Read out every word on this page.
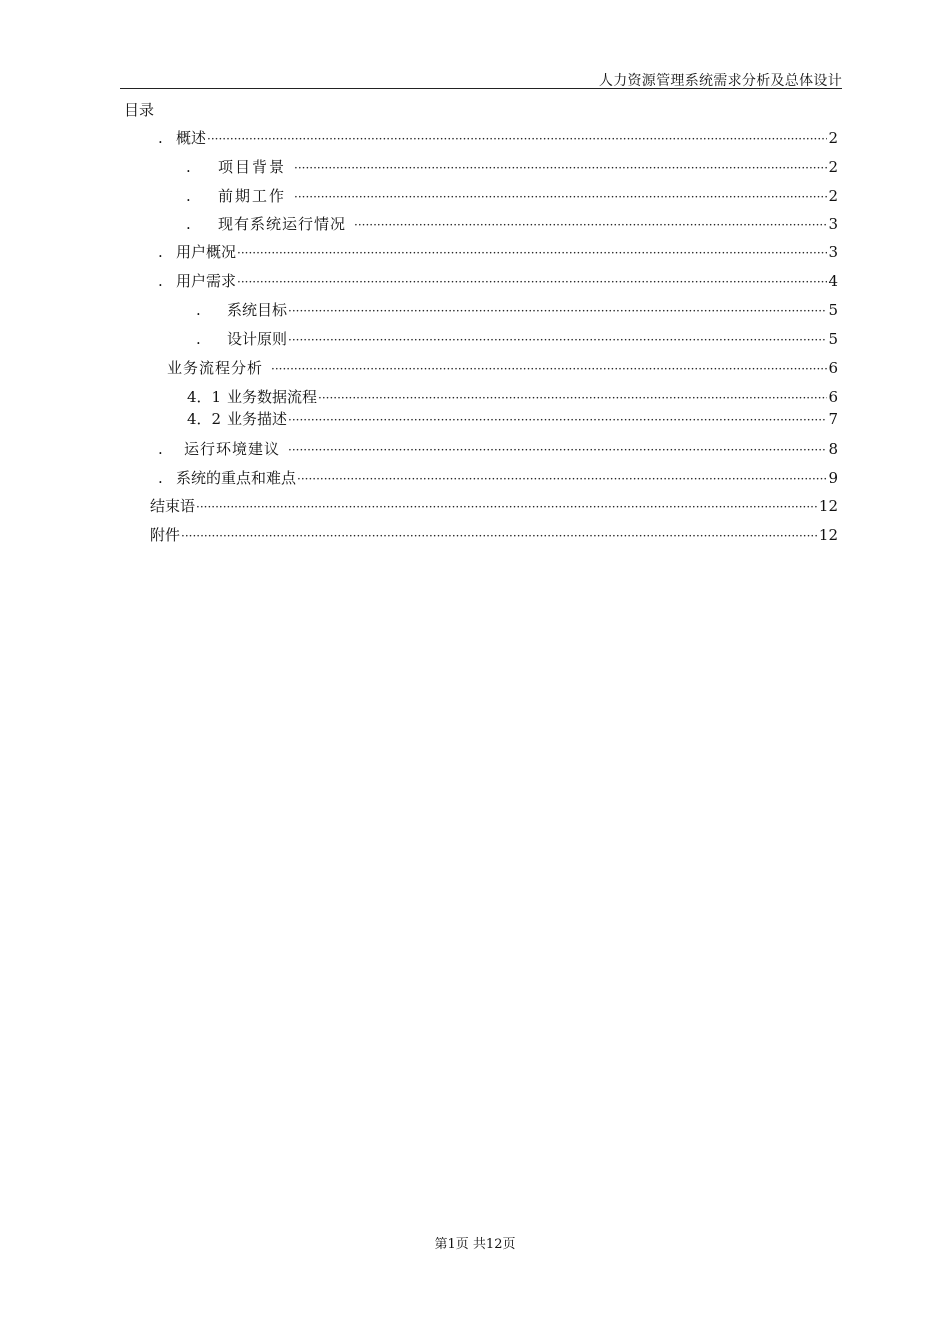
人力资源管理系统需求分析及总体设计
目录
. 概述 ·····	2
.	项目背景 ·····	2
.	前期工作 ·····	2
.	现有系统运行情况 ·····	3
. 用户概况 ·····	3
. 用户需求 ·····	4
.	系统目标 ·····	5
.	设计原则 ·····	5
业务流程分析 ·····	6
4．1 业务数据流程 ·····	6
4．2 业务描述 ·····	7
.	运行环境建议 ·····	8
. 系统的重点和难点 ·····	9
结束语 ·····	12
附件 ·····	12
第1页 共12页
